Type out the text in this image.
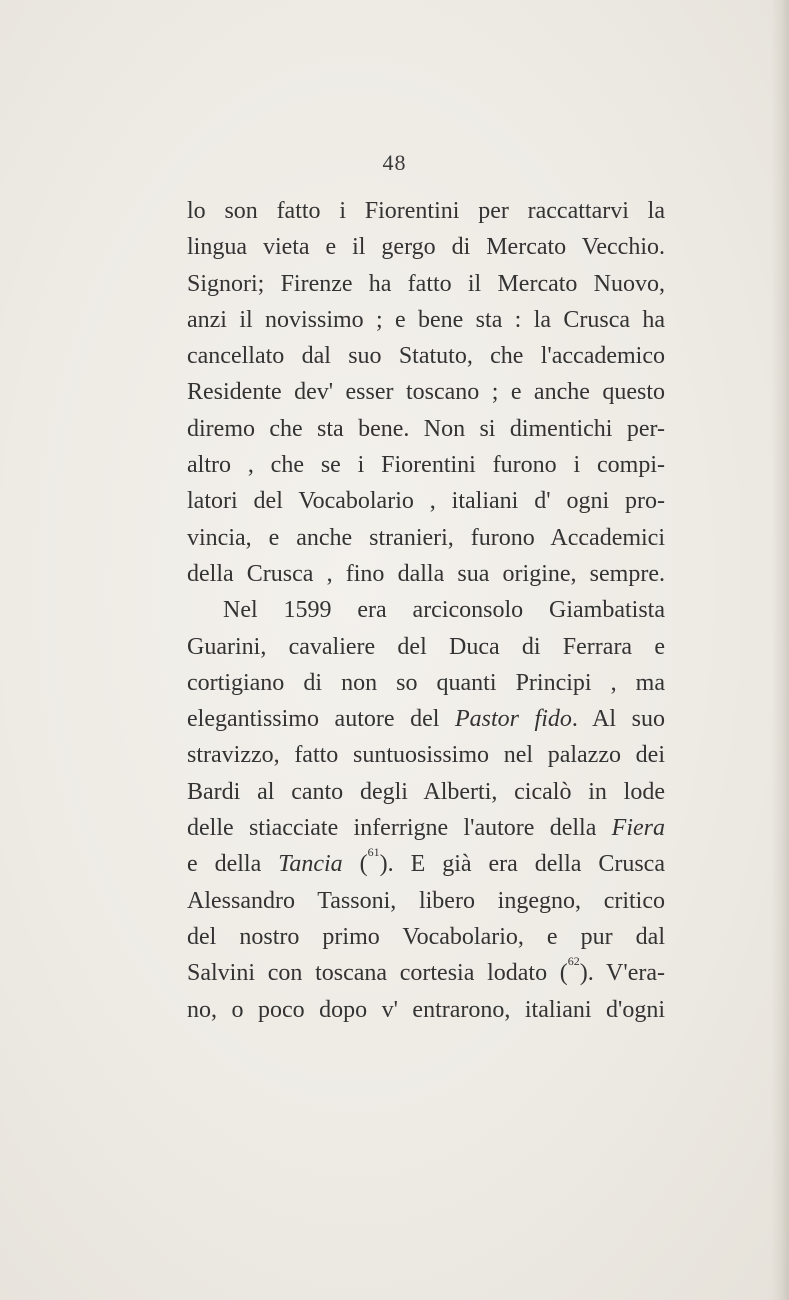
48
lo son fatto i Fiorentini per raccattarvi la
lingua vieta e il gergo di Mercato Vecchio.
Signori; Firenze ha fatto il Mercato Nuovo,
anzi il novissimo ; e bene sta : la Crusca ha
cancellato dal suo Statuto, che l'accademico
Residente dev' esser toscano ; e anche questo
diremo che sta bene. Non si dimentichi per-
altro , che se i Fiorentini furono i compi-
latori del Vocabolario , italiani d' ogni pro-
vincia, e anche stranieri, furono Accademici
della Crusca , fino dalla sua origine, sempre.
Nel 1599 era arciconsolo Giambatista
Guarini, cavaliere del Duca di Ferrara e
cortigiano di non so quanti Principi , ma
elegantissimo autore del Pastor fido. Al suo
stravizzo, fatto suntuosissimo nel palazzo dei
Bardi al canto degli Alberti, cicalò in lode
delle stiacciate inferrigne l'autore della Fiera
e della Tancia ($^{61}$). E già era della Crusca
Alessandro Tassoni, libero ingegno, critico
del nostro primo Vocabolario, e pur dal
Salvini con toscana cortesia lodato ($^{62}$). V'era-
no, o poco dopo v' entrarono, italiani d'ogni
